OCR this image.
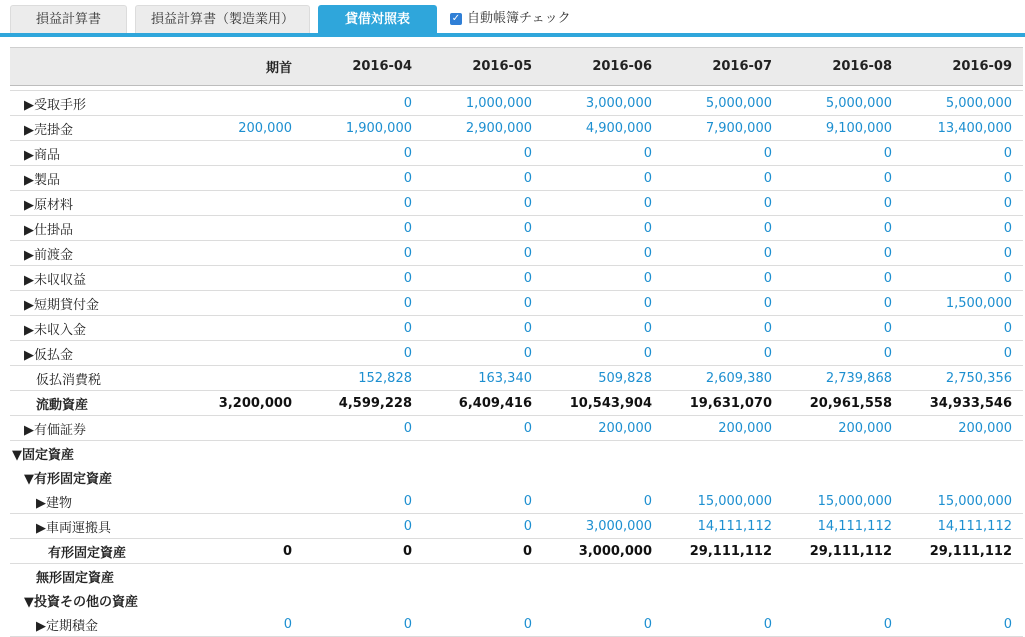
損益計算書	損益計算書（製造業用）	貸借対照表	✓ 自動帳簿チェック
	期首	2016-04	2016-05	2016-06	2016-07	2016-08	2016-09

▶受取手形		0	1,000,000	3,000,000	5,000,000	5,000,000	5,000,000
▶売掛金	200,000	1,900,000	2,900,000	4,900,000	7,900,000	9,100,000	13,400,000
▶商品		0	0	0	0	0	0
▶製品		0	0	0	0	0	0
▶原材料		0	0	0	0	0	0
▶仕掛品		0	0	0	0	0	0
▶前渡金		0	0	0	0	0	0
▶未収収益		0	0	0	0	0	0
▶短期貸付金		0	0	0	0	0	1,500,000
▶未収入金		0	0	0	0	0	0
▶仮払金		0	0	0	0	0	0
仮払消費税		152,828	163,340	509,828	2,609,380	2,739,868	2,750,356
流動資産	3,200,000	4,599,228	6,409,416	10,543,904	19,631,070	20,961,558	34,933,546
▶有価証券		0	0	200,000	200,000	200,000	200,000
▼固定資産							
▼有形固定資産							
▶建物		0	0	0	15,000,000	15,000,000	15,000,000
▶車両運搬具		0	0	3,000,000	14,111,112	14,111,112	14,111,112
有形固定資産	0	0	0	3,000,000	29,111,112	29,111,112	29,111,112
無形固定資産							
▼投資その他の資産							
▶定期積金	0	0	0	0	0	0	0
